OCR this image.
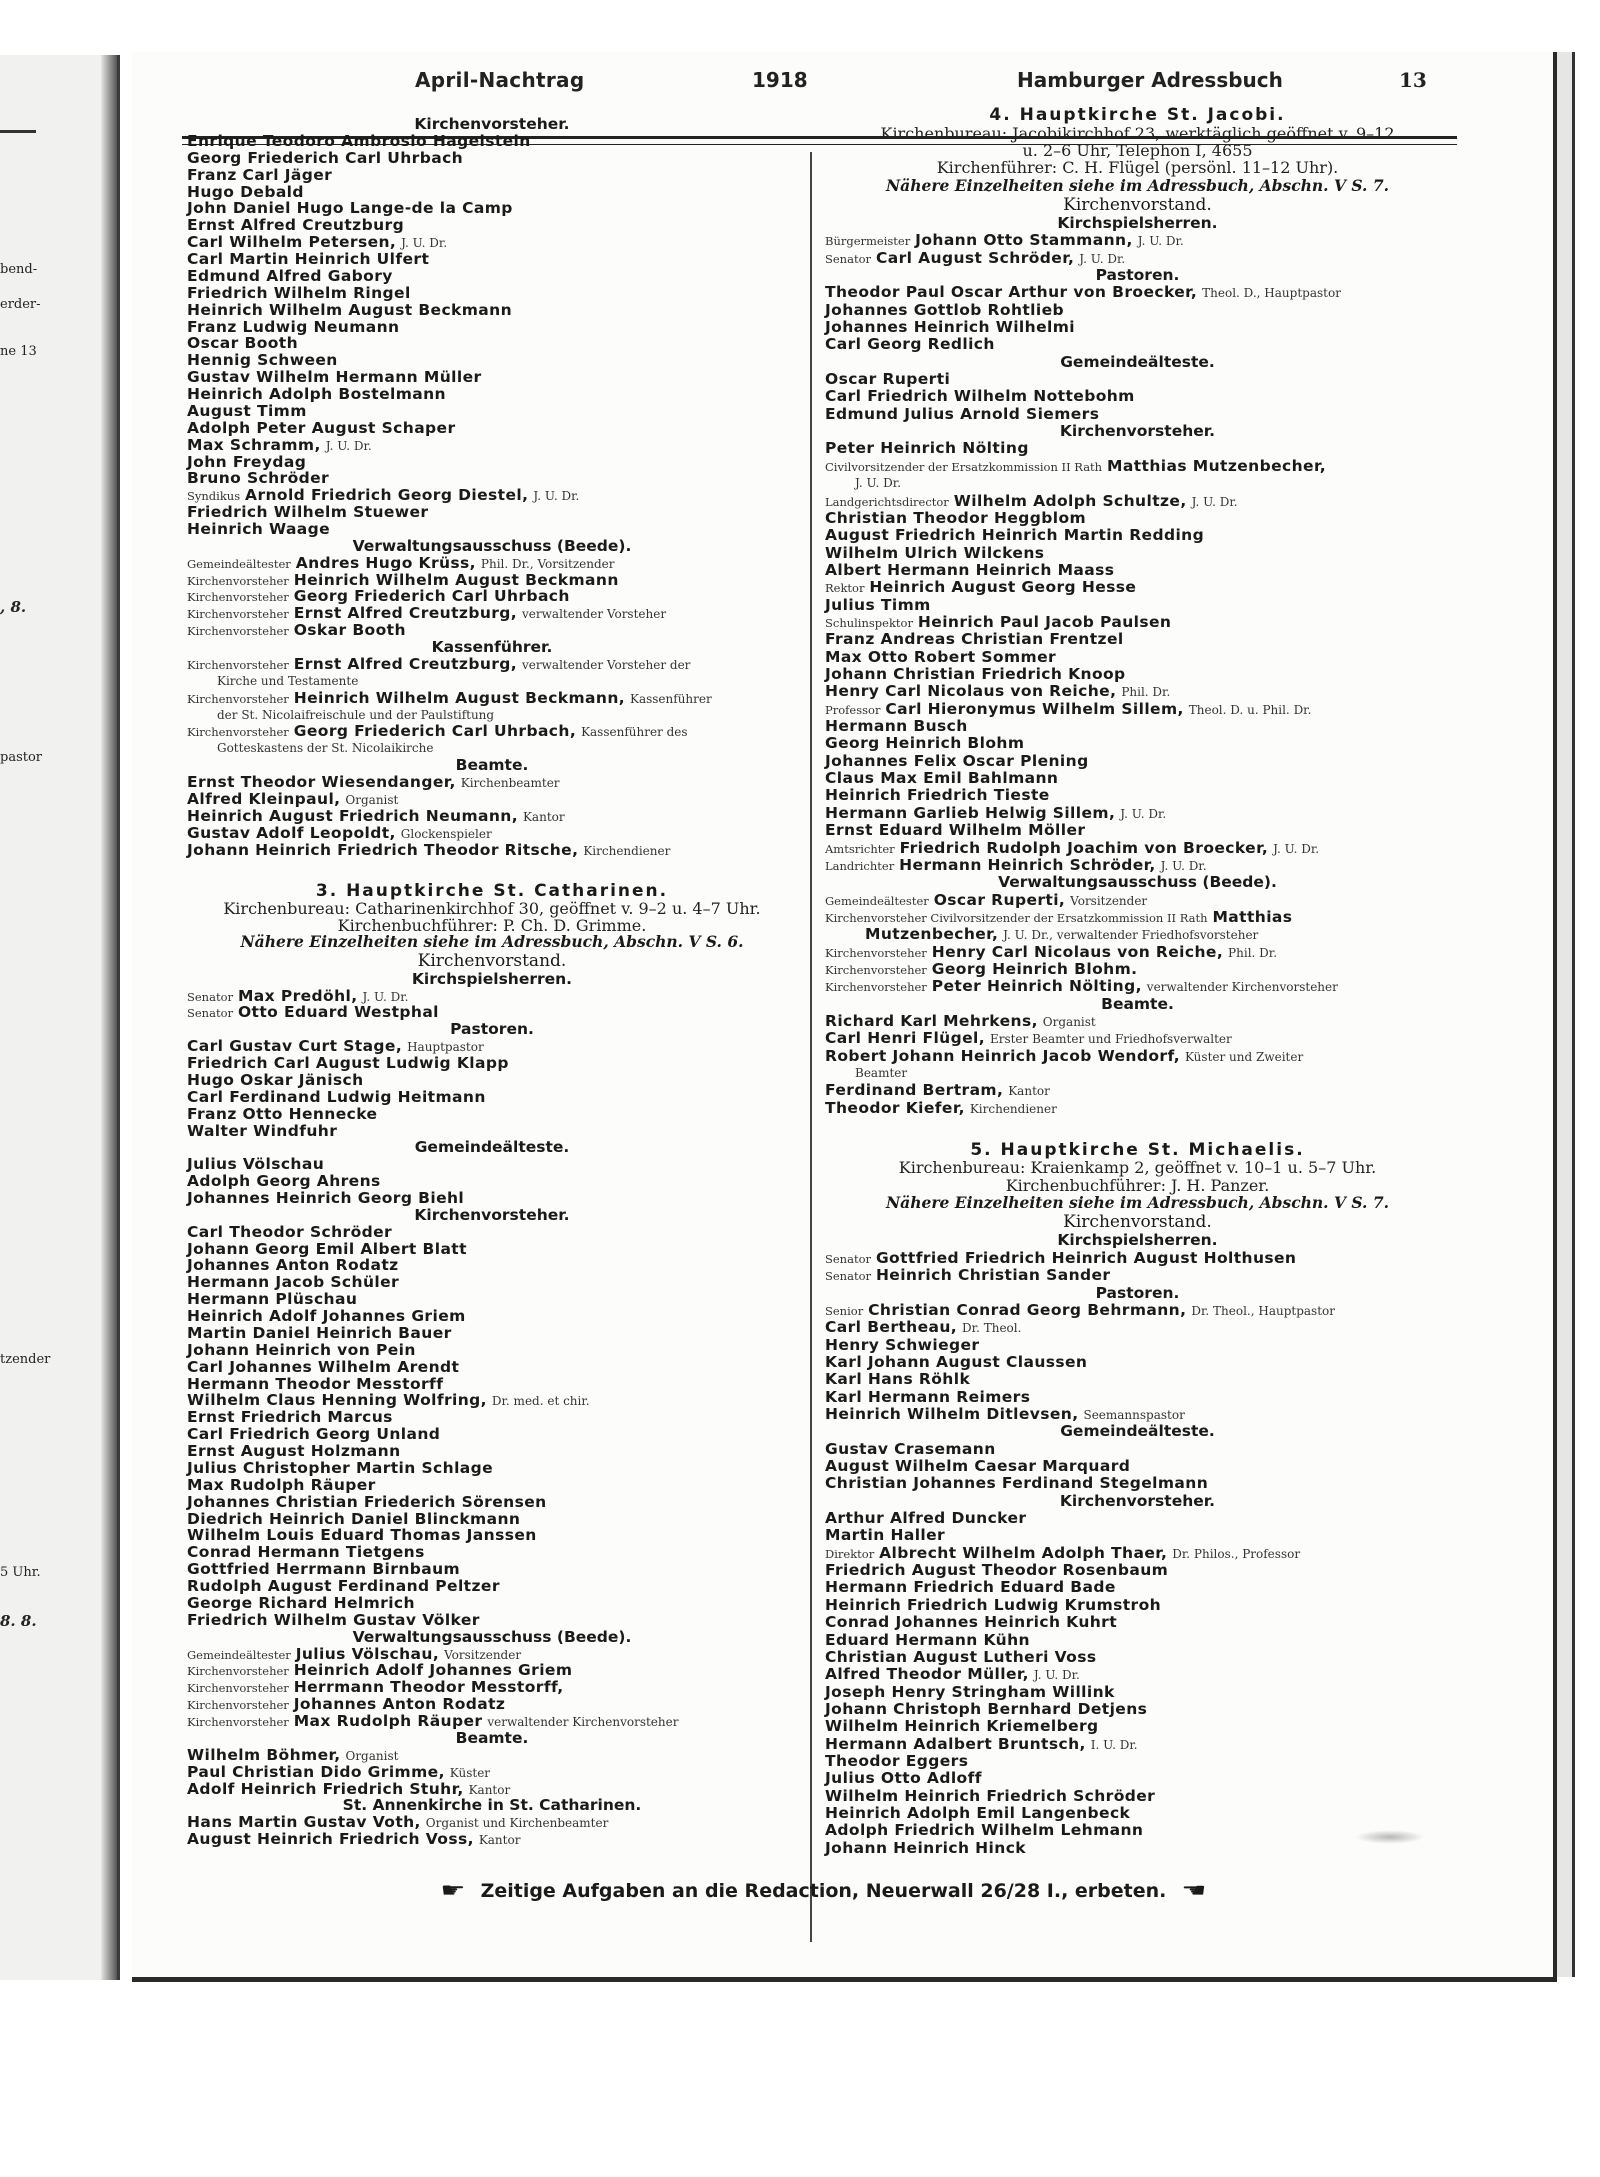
bend-
erder-
ne 13
, 8.
pastor
tzender
5 Uhr.
8. 8.
April-Nachtrag	1918	Hamburger Adressbuch	13
Kirchenvorsteher.
Enrique Teodoro Ambrosio Hagelstein
Georg Friederich Carl Uhrbach
Franz Carl Jäger
Hugo Debald
John Daniel Hugo Lange-de la Camp
Ernst Alfred Creutzburg
Carl Wilhelm Petersen, J. U. Dr.
Carl Martin Heinrich Ulfert
Edmund Alfred Gabory
Friedrich Wilhelm Ringel
Heinrich Wilhelm August Beckmann
Franz Ludwig Neumann
Oscar Booth
Hennig Schween
Gustav Wilhelm Hermann Müller
Heinrich Adolph Bostelmann
August Timm
Adolph Peter August Schaper
Max Schramm, J. U. Dr.
John Freydag
Bruno Schröder
Syndikus Arnold Friedrich Georg Diestel, J. U. Dr.
Friedrich Wilhelm Stuewer
Heinrich Waage
Verwaltungsausschuss (Beede).
Gemeindeältester Andres Hugo Krüss, Phil. Dr., Vorsitzender
Kirchenvorsteher Heinrich Wilhelm August Beckmann
Kirchenvorsteher Georg Friederich Carl Uhrbach
Kirchenvorsteher Ernst Alfred Creutzburg, verwaltender Vorsteher
Kirchenvorsteher Oskar Booth
Kassenführer.
Kirchenvorsteher Ernst Alfred Creutzburg, verwaltender Vorsteher der
Kirche und Testamente
Kirchenvorsteher Heinrich Wilhelm August Beckmann, Kassenführer
der St. Nicolaifreischule und der Paulstiftung
Kirchenvorsteher Georg Friederich Carl Uhrbach, Kassenführer des
Gotteskastens der St. Nicolaikirche
Beamte.
Ernst Theodor Wiesendanger, Kirchenbeamter
Alfred Kleinpaul, Organist
Heinrich August Friedrich Neumann, Kantor
Gustav Adolf Leopoldt, Glockenspieler
Johann Heinrich Friedrich Theodor Ritsche, Kirchendiener
3. Hauptkirche St. Catharinen.
Kirchenbureau: Catharinenkirchhof 30, geöffnet v. 9–2 u. 4–7 Uhr.
Kirchenbuchführer: P. Ch. D. Grimme.
Nähere Einzelheiten siehe im Adressbuch, Abschn. V S. 6.
Kirchenvorstand.
Kirchspielsherren.
Senator Max Predöhl, J. U. Dr.
Senator Otto Eduard Westphal
Pastoren.
Carl Gustav Curt Stage, Hauptpastor
Friedrich Carl August Ludwig Klapp
Hugo Oskar Jänisch
Carl Ferdinand Ludwig Heitmann
Franz Otto Hennecke
Walter Windfuhr
Gemeindeälteste.
Julius Völschau
Adolph Georg Ahrens
Johannes Heinrich Georg Biehl
Kirchenvorsteher.
Carl Theodor Schröder
Johann Georg Emil Albert Blatt
Johannes Anton Rodatz
Hermann Jacob Schüler
Hermann Plüschau
Heinrich Adolf Johannes Griem
Martin Daniel Heinrich Bauer
Johann Heinrich von Pein
Carl Johannes Wilhelm Arendt
Hermann Theodor Messtorff
Wilhelm Claus Henning Wolfring, Dr. med. et chir.
Ernst Friedrich Marcus
Carl Friedrich Georg Unland
Ernst August Holzmann
Julius Christopher Martin Schlage
Max Rudolph Räuper
Johannes Christian Friederich Sörensen
Diedrich Heinrich Daniel Blinckmann
Wilhelm Louis Eduard Thomas Janssen
Conrad Hermann Tietgens
Gottfried Herrmann Birnbaum
Rudolph August Ferdinand Peltzer
George Richard Helmrich
Friedrich Wilhelm Gustav Völker
Verwaltungsausschuss (Beede).
Gemeindeältester Julius Völschau, Vorsitzender
Kirchenvorsteher Heinrich Adolf Johannes Griem
Kirchenvorsteher Herrmann Theodor Messtorff,
Kirchenvorsteher Johannes Anton Rodatz
Kirchenvorsteher Max Rudolph Räuper verwaltender Kirchenvorsteher
Beamte.
Wilhelm Böhmer, Organist
Paul Christian Dido Grimme, Küster
Adolf Heinrich Friedrich Stuhr, Kantor
St. Annenkirche in St. Catharinen.
Hans Martin Gustav Voth, Organist und Kirchenbeamter
August Heinrich Friedrich Voss, Kantor
4. Hauptkirche St. Jacobi.
Kirchenbureau: Jacobikirchhof 23, werktäglich geöffnet v. 9–12
u. 2–6 Uhr, Telephon I, 4655
Kirchenführer: C. H. Flügel (persönl. 11–12 Uhr).
Nähere Einzelheiten siehe im Adressbuch, Abschn. V S. 7.
Kirchenvorstand.
Kirchspielsherren.
Bürgermeister Johann Otto Stammann, J. U. Dr.
Senator Carl August Schröder, J. U. Dr.
Pastoren.
Theodor Paul Oscar Arthur von Broecker, Theol. D., Hauptpastor
Johannes Gottlob Rohtlieb
Johannes Heinrich Wilhelmi
Carl Georg Redlich
Gemeindeälteste.
Oscar Ruperti
Carl Friedrich Wilhelm Nottebohm
Edmund Julius Arnold Siemers
Kirchenvorsteher.
Peter Heinrich Nölting
Civilvorsitzender der Ersatzkommission II Rath Matthias Mutzenbecher,
J. U. Dr.
Landgerichtsdirector Wilhelm Adolph Schultze, J. U. Dr.
Christian Theodor Heggblom
August Friedrich Heinrich Martin Redding
Wilhelm Ulrich Wilckens
Albert Hermann Heinrich Maass
Rektor Heinrich August Georg Hesse
Julius Timm
Schulinspektor Heinrich Paul Jacob Paulsen
Franz Andreas Christian Frentzel
Max Otto Robert Sommer
Johann Christian Friedrich Knoop
Henry Carl Nicolaus von Reiche, Phil. Dr.
Professor Carl Hieronymus Wilhelm Sillem, Theol. D. u. Phil. Dr.
Hermann Busch
Georg Heinrich Blohm
Johannes Felix Oscar Plening
Claus Max Emil Bahlmann
Heinrich Friedrich Tieste
Hermann Garlieb Helwig Sillem, J. U. Dr.
Ernst Eduard Wilhelm Möller
Amtsrichter Friedrich Rudolph Joachim von Broecker, J. U. Dr.
Landrichter Hermann Heinrich Schröder, J. U. Dr.
Verwaltungsausschuss (Beede).
Gemeindeältester Oscar Ruperti, Vorsitzender
Kirchenvorsteher Civilvorsitzender der Ersatzkommission II Rath Matthias
Mutzenbecher, J. U. Dr., verwaltender Friedhofsvorsteher
Kirchenvorsteher Henry Carl Nicolaus von Reiche, Phil. Dr.
Kirchenvorsteher Georg Heinrich Blohm.
Kirchenvorsteher Peter Heinrich Nölting, verwaltender Kirchenvorsteher
Beamte.
Richard Karl Mehrkens, Organist
Carl Henri Flügel, Erster Beamter und Friedhofsverwalter
Robert Johann Heinrich Jacob Wendorf, Küster und Zweiter
Beamter
Ferdinand Bertram, Kantor
Theodor Kiefer, Kirchendiener
5. Hauptkirche St. Michaelis.
Kirchenbureau: Kraienkamp 2, geöffnet v. 10–1 u. 5–7 Uhr.
Kirchenbuchführer: J. H. Panzer.
Nähere Einzelheiten siehe im Adressbuch, Abschn. V S. 7.
Kirchenvorstand.
Kirchspielsherren.
Senator Gottfried Friedrich Heinrich August Holthusen
Senator Heinrich Christian Sander
Pastoren.
Senior Christian Conrad Georg Behrmann, Dr. Theol., Hauptpastor
Carl Bertheau, Dr. Theol.
Henry Schwieger
Karl Johann August Claussen
Karl Hans Röhlk
Karl Hermann Reimers
Heinrich Wilhelm Ditlevsen, Seemannspastor
Gemeindeälteste.
Gustav Crasemann
August Wilhelm Caesar Marquard
Christian Johannes Ferdinand Stegelmann
Kirchenvorsteher.
Arthur Alfred Duncker
Martin Haller
Direktor Albrecht Wilhelm Adolph Thaer, Dr. Philos., Professor
Friedrich August Theodor Rosenbaum
Hermann Friedrich Eduard Bade
Heinrich Friedrich Ludwig Krumstroh
Conrad Johannes Heinrich Kuhrt
Eduard Hermann Kühn
Christian August Lutheri Voss
Alfred Theodor Müller, J. U. Dr.
Joseph Henry Stringham Willink
Johann Christoph Bernhard Detjens
Wilhelm Heinrich Kriemelberg
Hermann Adalbert Bruntsch, I. U. Dr.
Theodor Eggers
Julius Otto Adloff
Wilhelm Heinrich Friedrich Schröder
Heinrich Adolph Emil Langenbeck
Adolph Friedrich Wilhelm Lehmann
Johann Heinrich Hinck
☛ Zeitige Aufgaben an die Redaction, Neuerwall 26/28 I., erbeten. ☚
